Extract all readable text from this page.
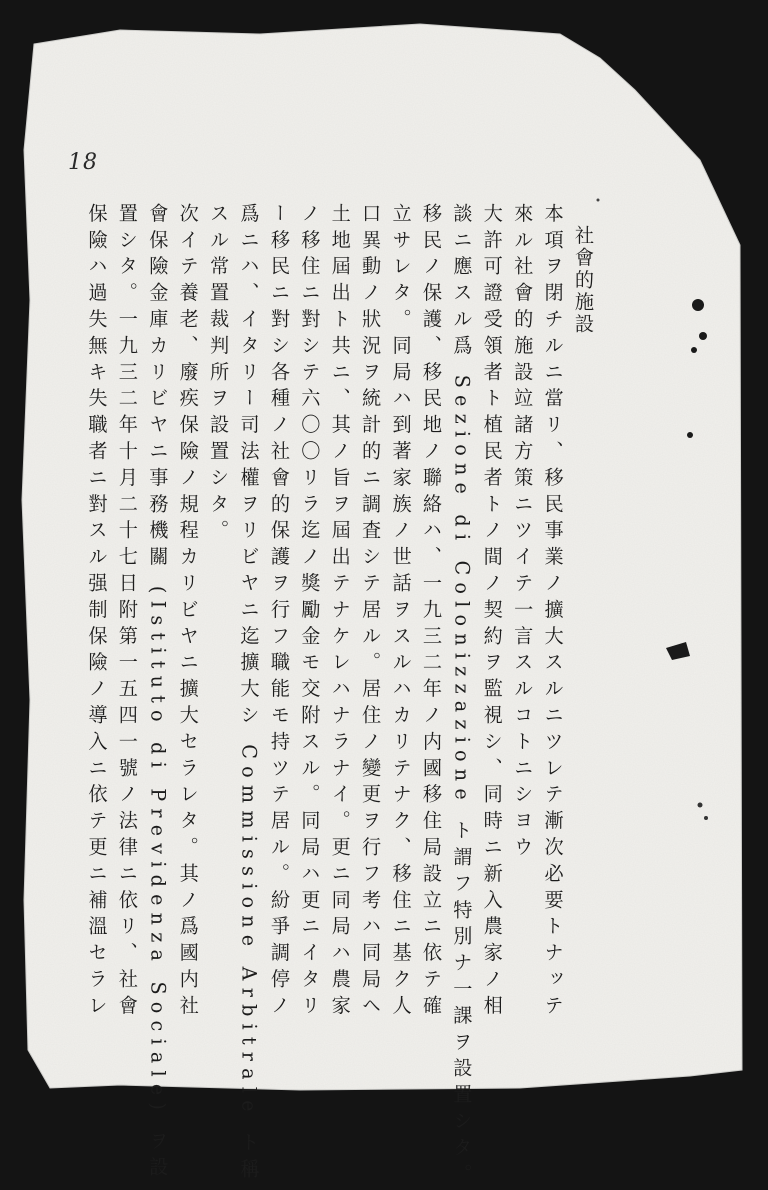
18
社會的施設
本項ヲ閉チルニ當リ、移民事業ノ擴大スルニツレテ漸次必要トナッテ
來ル社會的施設竝諸方策ニツイテ一言スルコトニシヨウ
大許可證受領者ト植民者トノ間ノ契約ヲ監視シ、同時ニ新入農家ノ相
談ニ應スル爲 Sezione di Colonizzazione ト謂フ特別ナ一課ヲ設置シタ。
移民ノ保護、移民地ノ聯絡ハ、一九三二年ノ内國移住局設立ニ依テ確
立サレタ。同局ハ到著家族ノ世話ヲスルハカリテナク、移住ニ基ク人
口異動ノ狀況ヲ統計的ニ調査シテ居ル。居住ノ變更ヲ行フ考ハ同局ヘ
土地屆出ト共ニ、其ノ旨ヲ屆出テナケレハナラナイ。更ニ同局ハ農家
ノ移住ニ對シテ六〇〇リラ迄ノ獎勵金モ交附スル。同局ハ更ニイタリ
ー移民ニ對シ各種ノ社會的保護ヲ行フ職能モ持ツテ居ル。紛爭調停ノ
爲ニハ、イタリー司法權ヲリビヤニ迄擴大シ Commissione Arbitrale ト稱
スル常置裁判所ヲ設置シタ。
次イテ養老、廢疾保險ノ規程カリビヤニ擴大セラレタ。其ノ爲國内社
會保險金庫カリビヤニ事務機關 (Istituto di Previdenza Sociale) ヲ設
置シタ。一九三二年十月二十七日附第一五四一號ノ法律ニ依リ、社會
保險ハ過失無キ失職者ニ對スル强制保險ノ導入ニ依テ更ニ補溫セラレ
